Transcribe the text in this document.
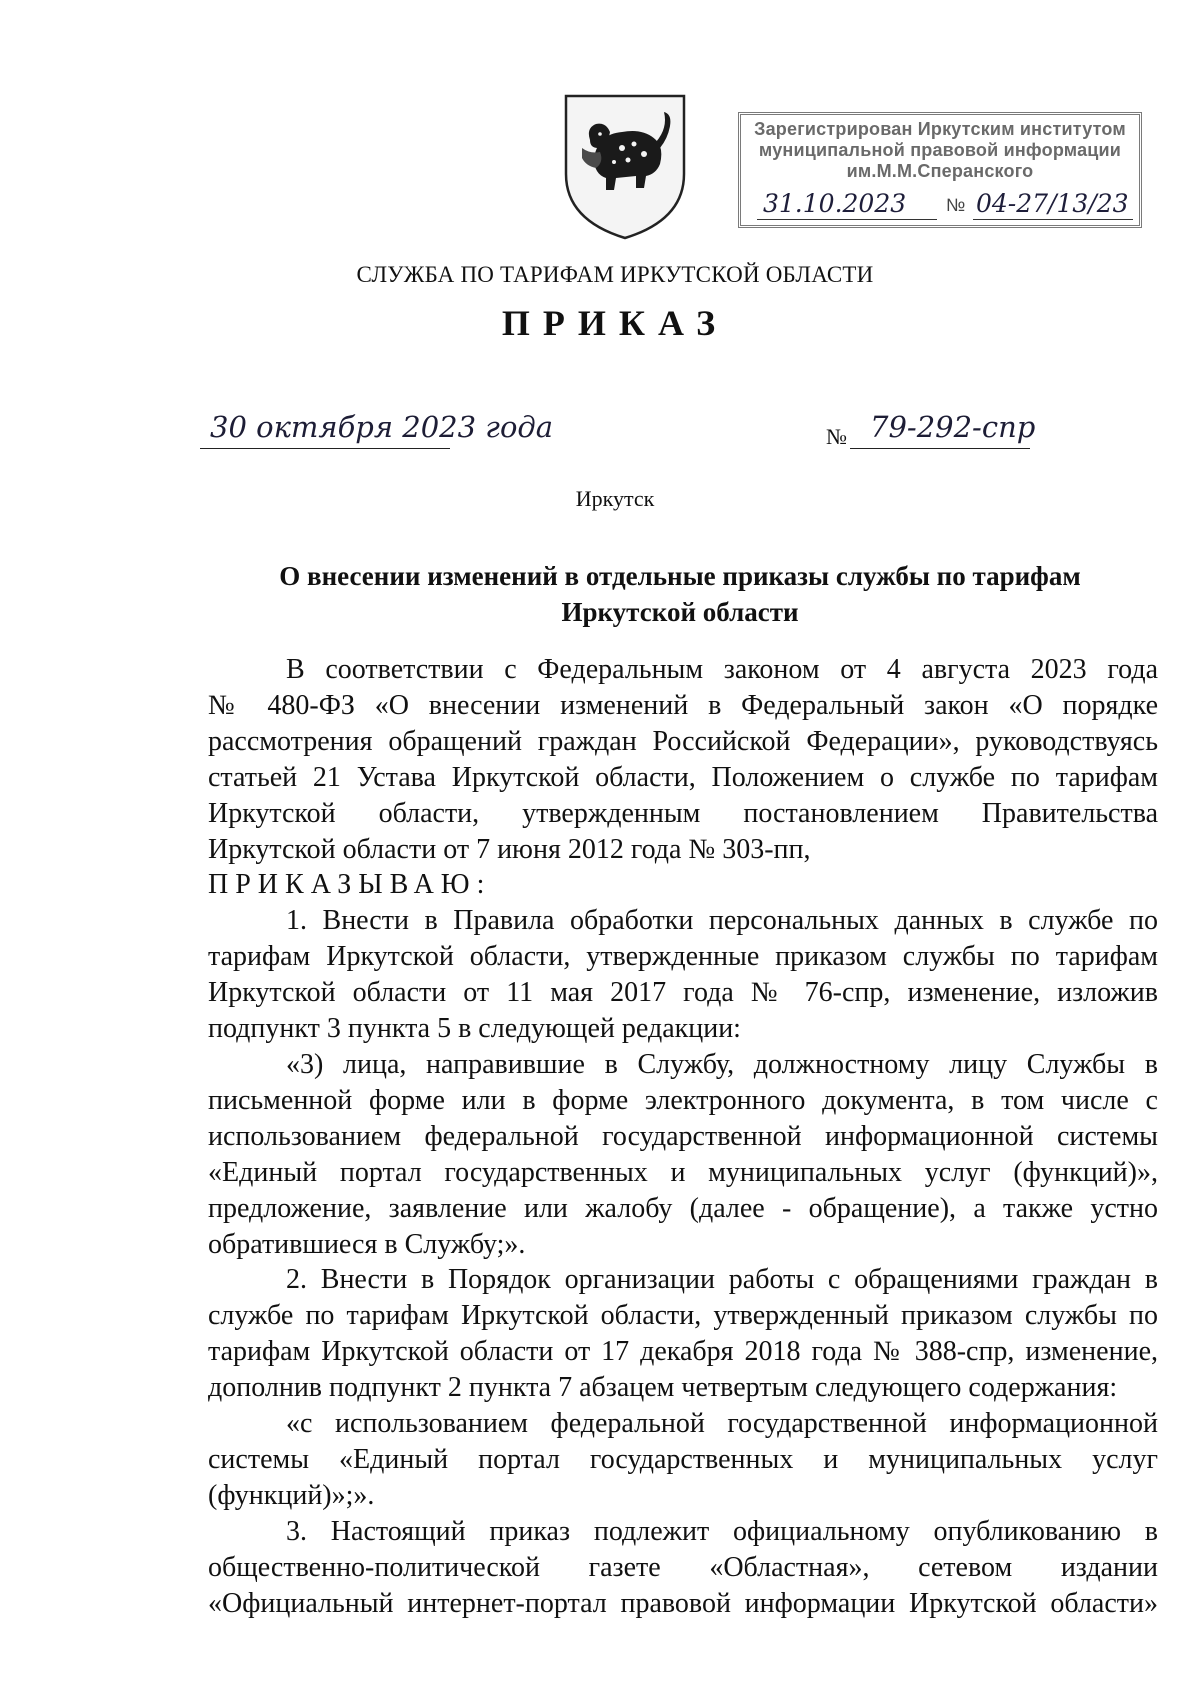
Зарегистрирован Иркутским институтом
муниципальной правовой информации
им.М.М.Сперанского
31.10.2023 № 04-27/13/23
СЛУЖБА ПО ТАРИФАМ ИРКУТСКОЙ ОБЛАСТИ
ПРИКАЗ
30 октября 2023 года	№ 79-292-спр
Иркутск
О внесении изменений в отдельные приказы службы по тарифам
Иркутской области

В соответствии с Федеральным законом от 4 августа 2023 года

№ 480-ФЗ «О внесении изменений в Федеральный закон «О порядке

рассмотрения обращений граждан Российской Федерации», руководствуясь

статьей 21 Устава Иркутской области, Положением о службе по тарифам

Иркутской области, утвержденным постановлением Правительства

Иркутской области от 7 июня 2012 года № 303-пп,

ПРИКАЗЫВАЮ:

1. Внести в Правила обработки персональных данных в службе по

тарифам Иркутской области, утвержденные приказом службы по тарифам

Иркутской области от 11 мая 2017 года № 76-спр, изменение, изложив

подпункт 3 пункта 5 в следующей редакции:

«3) лица, направившие в Службу, должностному лицу Службы в

письменной форме или в форме электронного документа, в том числе с

использованием федеральной государственной информационной системы

«Единый портал государственных и муниципальных услуг (функций)»,

предложение, заявление или жалобу (далее - обращение), а также устно

обратившиеся в Службу;».

2. Внести в Порядок организации работы с обращениями граждан в

службе по тарифам Иркутской области, утвержденный приказом службы по

тарифам Иркутской области от 17 декабря 2018 года № 388-спр, изменение,

дополнив подпункт 2 пункта 7 абзацем четвертым следующего содержания:

«с использованием федеральной государственной информационной

системы «Единый портал государственных и муниципальных услуг

(функций)»;».

3. Настоящий приказ подлежит официальному опубликованию в

общественно-политической газете «Областная», сетевом издании

«Официальный интернет-портал правовой информации Иркутской области»
